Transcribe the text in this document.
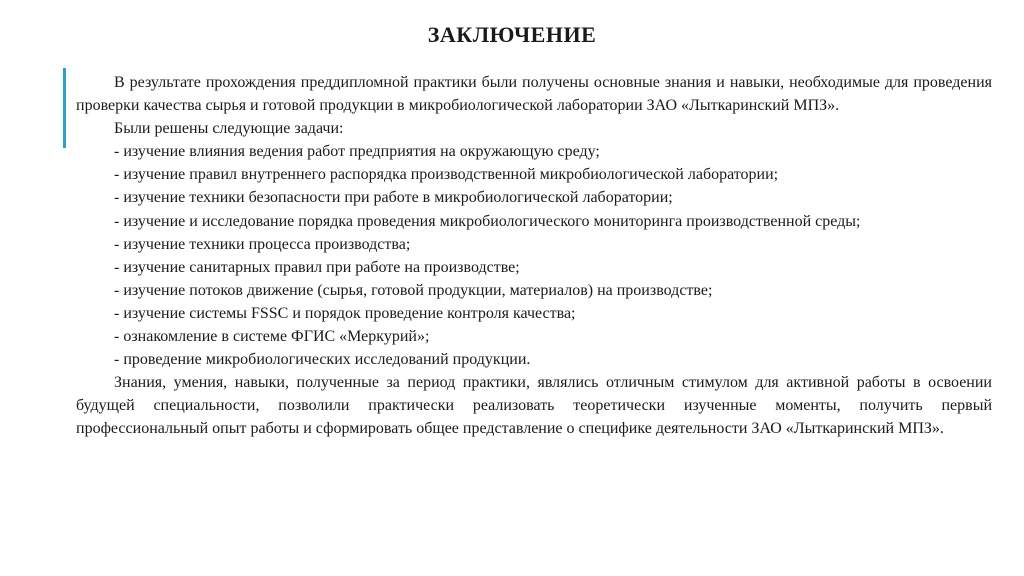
ЗАКЛЮЧЕНИЕ

В результате прохождения преддипломной практики были получены основные знания и навыки, необходимые для проведения проверки качества сырья и готовой продукции в микробиологической лаборатории ЗАО «Лыткаринский МПЗ».

Были решены следующие задачи:

- изучение влияния ведения работ предприятия на окружающую среду;

- изучение правил внутреннего распорядка производственной микробиологической лаборатории;

- изучение техники безопасности при работе в микробиологической лаборатории;

- изучение и исследование порядка проведения микробиологического мониторинга производственной среды;

- изучение техники процесса производства;

- изучение санитарных правил при работе на производстве;

- изучение потоков движение (сырья, готовой продукции, материалов) на производстве;

- изучение системы FSSC и порядок проведение контроля качества;

- ознакомление в системе ФГИС «Меркурий»;

- проведение микробиологических исследований продукции.

Знания, умения, навыки, полученные за период практики, являлись отличным стимулом для активной работы в освоении будущей специальности, позволили практически реализовать теоретически изученные моменты, получить первый профессиональный опыт работы и сформировать общее представление о специфике деятельности ЗАО «Лыткаринский МПЗ».
